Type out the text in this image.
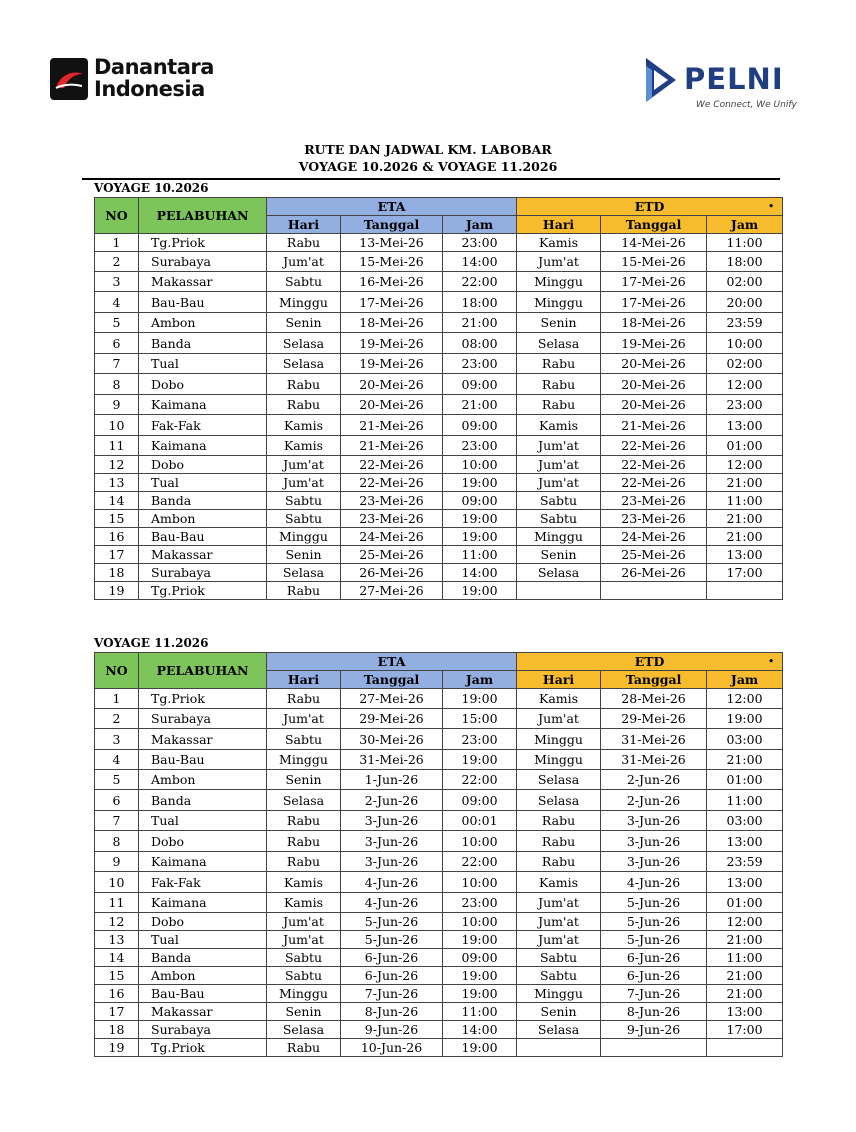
Danantara
Indonesia	PELNI
We Connect, We Unify
RUTE DAN JADWAL KM. LABOBAR
VOYAGE 10.2026 & VOYAGE 11.2026
VOYAGE 10.2026
VOYAGE 11.2026
NO	PELABUHAN	ETA			ETD •		

		Hari	Tanggal	Jam	Hari	Tanggal	Jam
1	Tg.Priok	Rabu	13-Mei-26	23:00	Kamis	14-Mei-26	11:00
2	Surabaya	Jum'at	15-Mei-26	14:00	Jum'at	15-Mei-26	18:00
3	Makassar	Sabtu	16-Mei-26	22:00	Minggu	17-Mei-26	02:00
4	Bau-Bau	Minggu	17-Mei-26	18:00	Minggu	17-Mei-26	20:00
5	Ambon	Senin	18-Mei-26	21:00	Senin	18-Mei-26	23:59
6	Banda	Selasa	19-Mei-26	08:00	Selasa	19-Mei-26	10:00
7	Tual	Selasa	19-Mei-26	23:00	Rabu	20-Mei-26	02:00
8	Dobo	Rabu	20-Mei-26	09:00	Rabu	20-Mei-26	12:00
9	Kaimana	Rabu	20-Mei-26	21:00	Rabu	20-Mei-26	23:00
10	Fak-Fak	Kamis	21-Mei-26	09:00	Kamis	21-Mei-26	13:00
11	Kaimana	Kamis	21-Mei-26	23:00	Jum'at	22-Mei-26	01:00
12	Dobo	Jum'at	22-Mei-26	10:00	Jum'at	22-Mei-26	12:00
13	Tual	Jum'at	22-Mei-26	19:00	Jum'at	22-Mei-26	21:00
14	Banda	Sabtu	23-Mei-26	09:00	Sabtu	23-Mei-26	11:00
15	Ambon	Sabtu	23-Mei-26	19:00	Sabtu	23-Mei-26	21:00
16	Bau-Bau	Minggu	24-Mei-26	19:00	Minggu	24-Mei-26	21:00
17	Makassar	Senin	25-Mei-26	11:00	Senin	25-Mei-26	13:00
18	Surabaya	Selasa	26-Mei-26	14:00	Selasa	26-Mei-26	17:00
19	Tg.Priok	Rabu	27-Mei-26	19:00			
NO	PELABUHAN	ETA			ETD •		

		Hari	Tanggal	Jam	Hari	Tanggal	Jam
1	Tg.Priok	Rabu	27-Mei-26	19:00	Kamis	28-Mei-26	12:00
2	Surabaya	Jum'at	29-Mei-26	15:00	Jum'at	29-Mei-26	19:00
3	Makassar	Sabtu	30-Mei-26	23:00	Minggu	31-Mei-26	03:00
4	Bau-Bau	Minggu	31-Mei-26	19:00	Minggu	31-Mei-26	21:00
5	Ambon	Senin	1-Jun-26	22:00	Selasa	2-Jun-26	01:00
6	Banda	Selasa	2-Jun-26	09:00	Selasa	2-Jun-26	11:00
7	Tual	Rabu	3-Jun-26	00:01	Rabu	3-Jun-26	03:00
8	Dobo	Rabu	3-Jun-26	10:00	Rabu	3-Jun-26	13:00
9	Kaimana	Rabu	3-Jun-26	22:00	Rabu	3-Jun-26	23:59
10	Fak-Fak	Kamis	4-Jun-26	10:00	Kamis	4-Jun-26	13:00
11	Kaimana	Kamis	4-Jun-26	23:00	Jum'at	5-Jun-26	01:00
12	Dobo	Jum'at	5-Jun-26	10:00	Jum'at	5-Jun-26	12:00
13	Tual	Jum'at	5-Jun-26	19:00	Jum'at	5-Jun-26	21:00
14	Banda	Sabtu	6-Jun-26	09:00	Sabtu	6-Jun-26	11:00
15	Ambon	Sabtu	6-Jun-26	19:00	Sabtu	6-Jun-26	21:00
16	Bau-Bau	Minggu	7-Jun-26	19:00	Minggu	7-Jun-26	21:00
17	Makassar	Senin	8-Jun-26	11:00	Senin	8-Jun-26	13:00
18	Surabaya	Selasa	9-Jun-26	14:00	Selasa	9-Jun-26	17:00
19	Tg.Priok	Rabu	10-Jun-26	19:00			
